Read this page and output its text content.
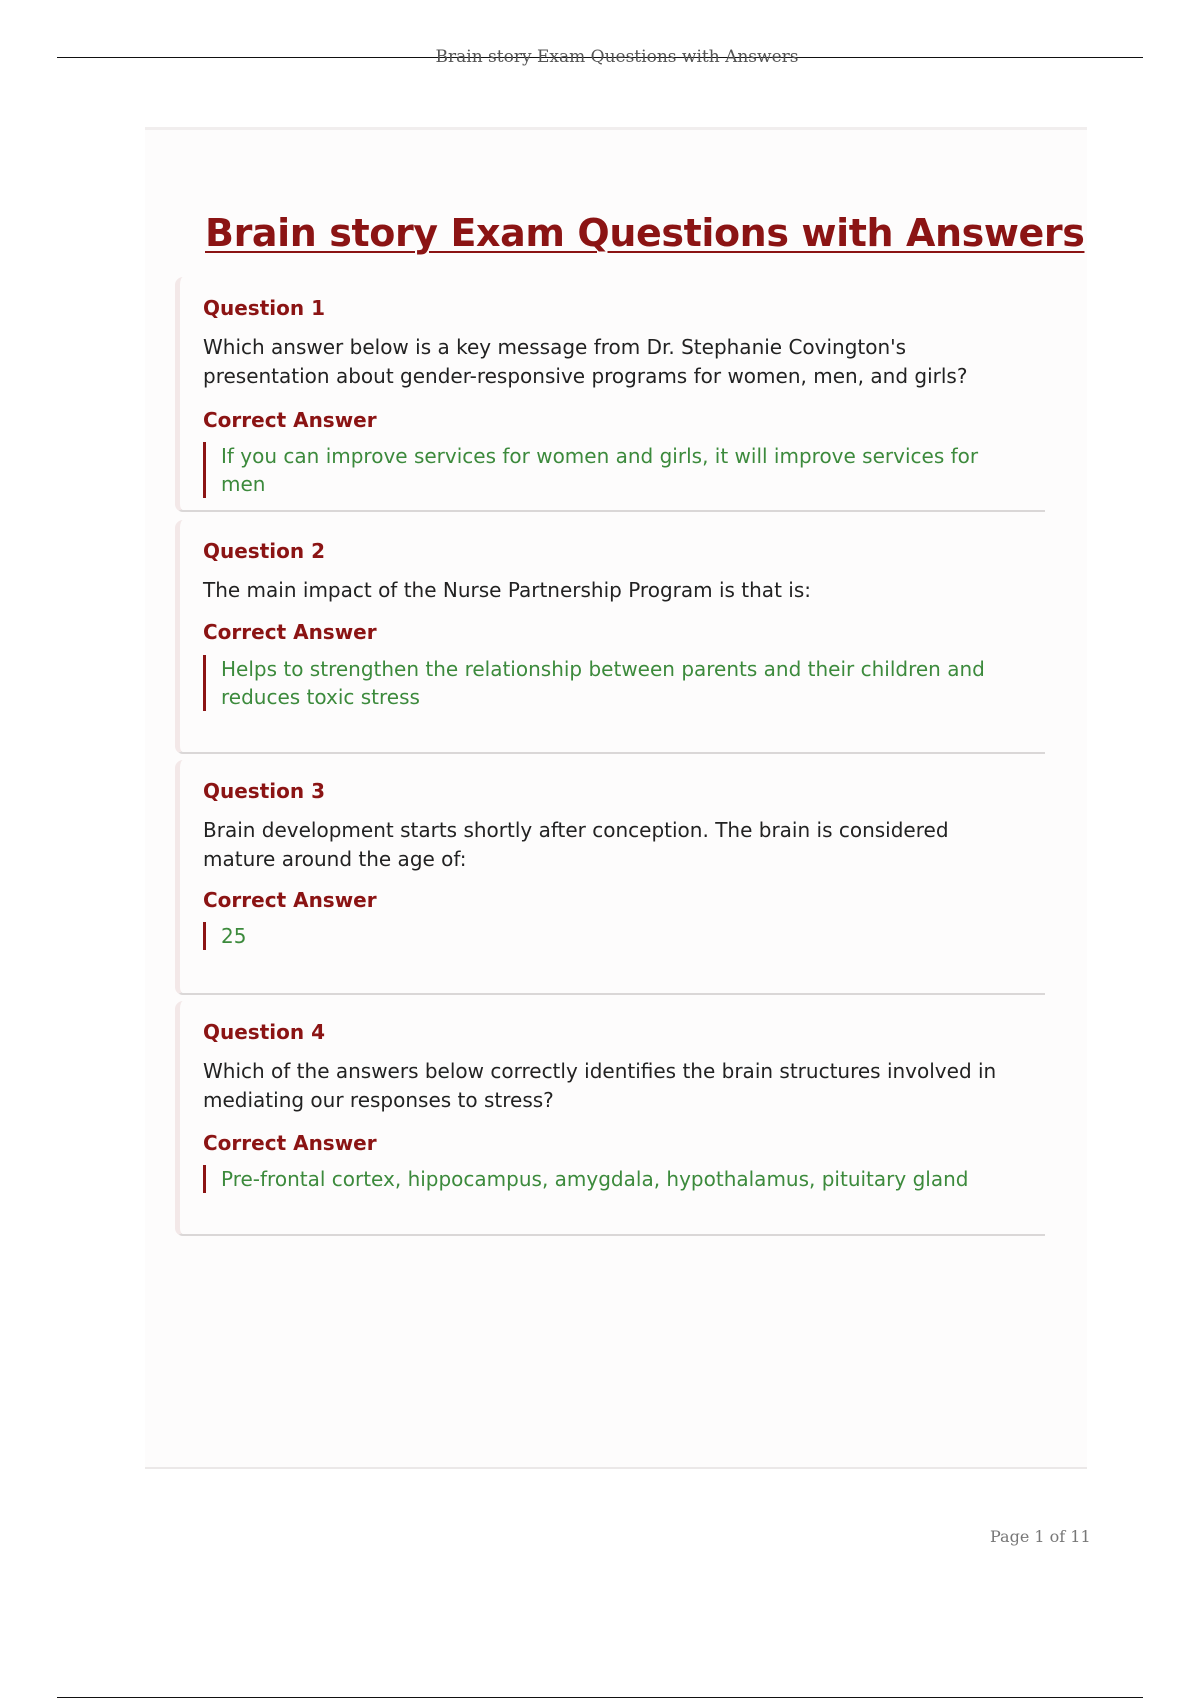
Brain story Exam Questions with Answers
Brain story Exam Questions with Answers
Question 1
Which answer below is a key message from Dr. Stephanie Covington's presentation about gender-responsive programs for women, men, and girls?
Correct Answer
If you can improve services for women and girls, it will improve services for men
Question 2
The main impact of the Nurse Partnership Program is that is:
Correct Answer
Helps to strengthen the relationship between parents and their children and reduces toxic stress
Question 3
Brain development starts shortly after conception. The brain is considered mature around the age of:
Correct Answer
25
Question 4
Which of the answers below correctly identifies the brain structures involved in mediating our responses to stress?
Correct Answer
Pre-frontal cortex, hippocampus, amygdala, hypothalamus, pituitary gland
Page 1 of 11
